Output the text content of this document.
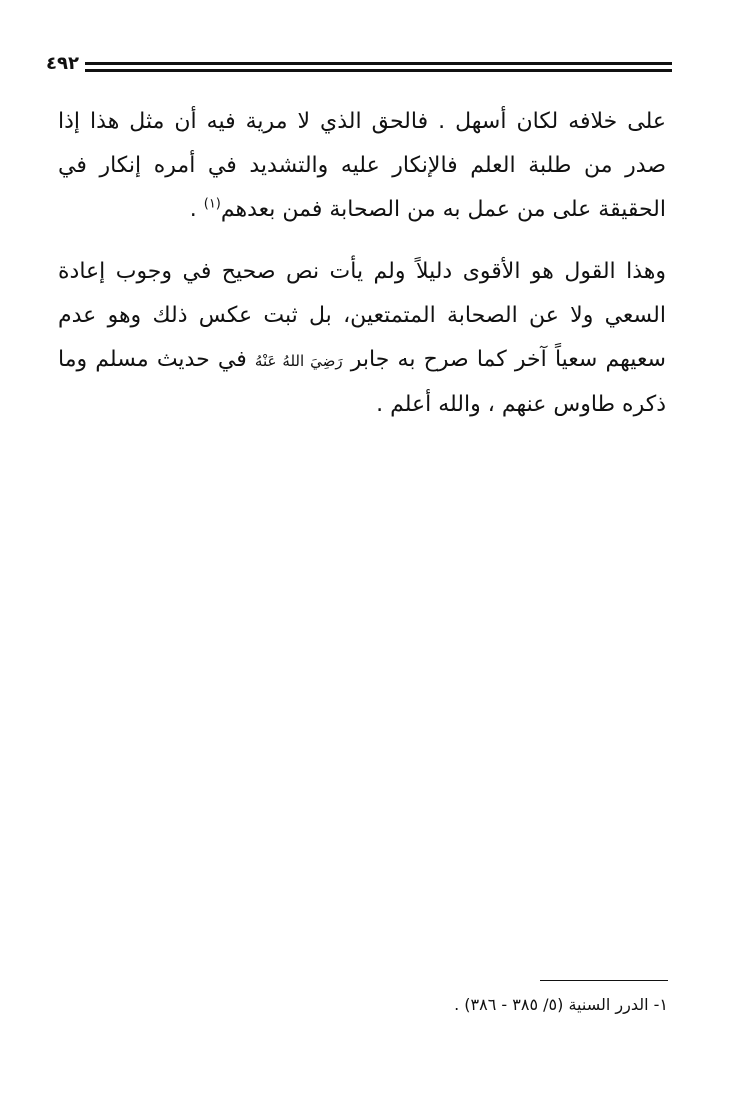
٤٩٢

على خلافه لكان أسهل . فالحق الذي لا مرية فيه أن مثل هذا إذا صدر من طلبة العلم فالإنكار عليه والتشديد في أمره إنكار في الحقيقة على من عمل به من الصحابة فمن بعدهم$^{(١)}$ .

وهذا القول هو الأقوى دليلاً ولم يأت نص صحيح في وجوب إعادة السعي ولا عن الصحابة المتمتعين، بل ثبت عكس ذلك وهو عدم سعيهم سعياً آخر كما صرح به جابر رَضِيَ اللهُ عَنْهُ في حديث مسلم وما ذكره طاوس عنهم ، والله أعلم .

١- الدرر السنية (٥/ ٣٨٥ - ٣٨٦) .
